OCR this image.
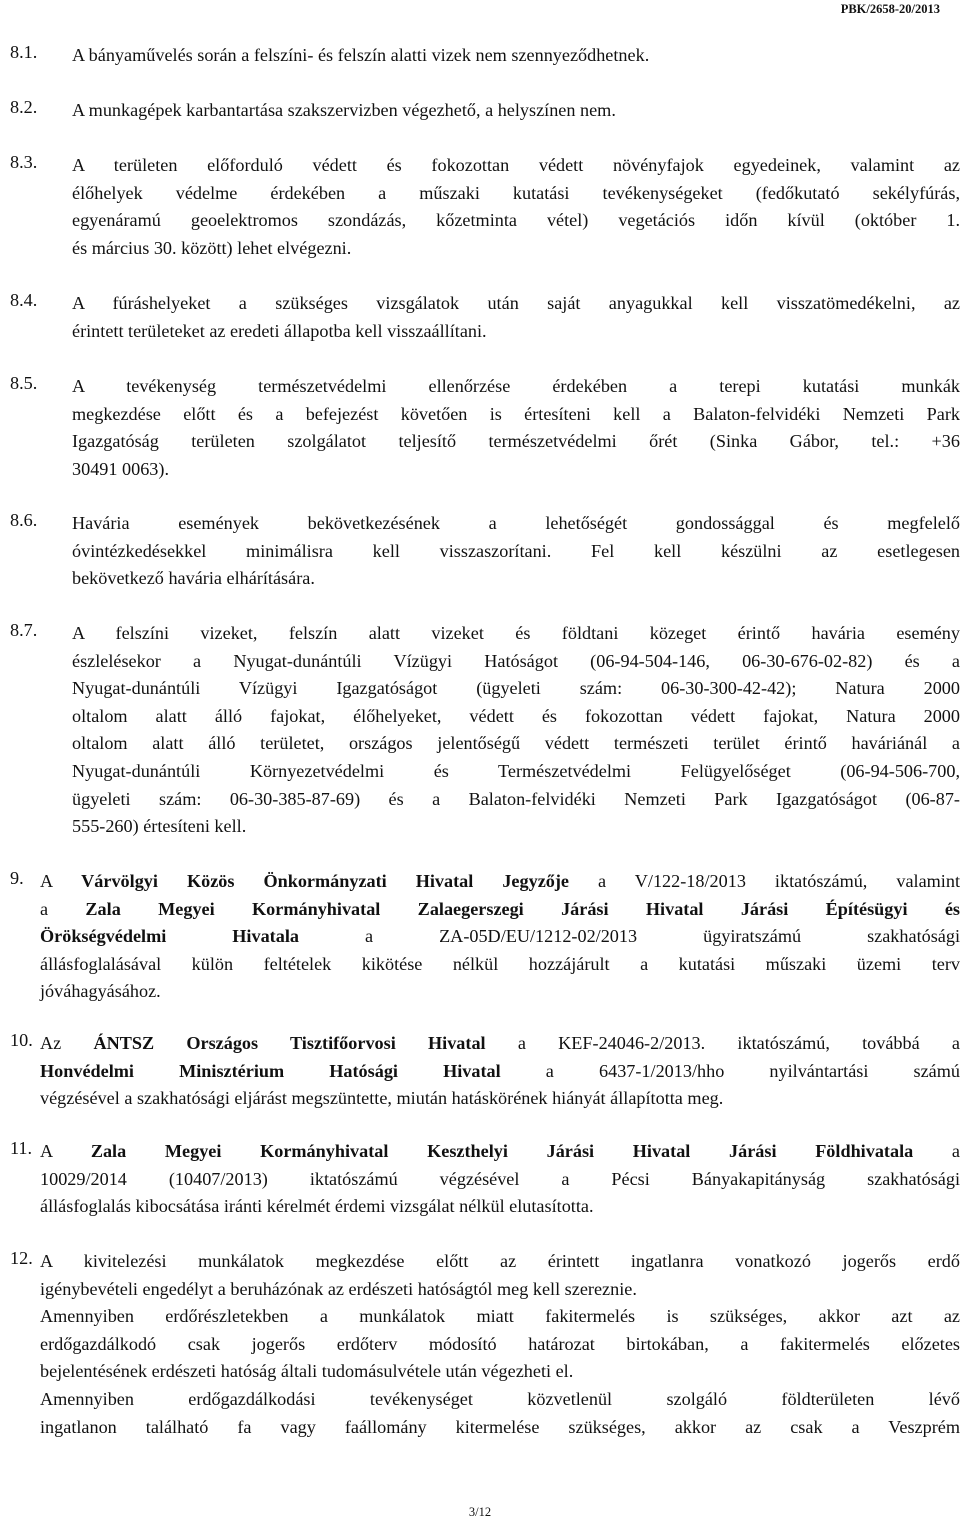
PBK/2658-20/2013
8.1. A bányaművelés során a felszíni- és felszín alatti vizek nem szennyeződhetnek.
8.2. A munkagépek karbantartása szakszervizben végezhető, a helyszínen nem.
8.3. A területen előforduló védett és fokozottan védett növényfajok egyedeinek, valamint az
élőhelyek védelme érdekében a műszaki kutatási tevékenységeket (fedőkutató sekélyfúrás,
egyenáramú geoelektromos szondázás, kőzetminta vétel) vegetációs időn kívül (október 1.
és március 30. között) lehet elvégezni.
8.4. A fúráshelyeket a szükséges vizsgálatok után saját anyagukkal kell visszatömedékelni, az
érintett területeket az eredeti állapotba kell visszaállítani.
8.5. A tevékenység természetvédelmi ellenőrzése érdekében a terepi kutatási munkák
megkezdése előtt és a befejezést követően is értesíteni kell a Balaton-felvidéki Nemzeti Park
Igazgatóság területen szolgálatot teljesítő természetvédelmi őrét (Sinka Gábor, tel.: +36
30491 0063).
8.6. Havária események bekövetkezésének a lehetőségét gondossággal és megfelelő
óvintézkedésekkel minimálisra kell visszaszorítani. Fel kell készülni az esetlegesen
bekövetkező havária elhárítására.
8.7. A felszíni vizeket, felszín alatt vizeket és földtani közeget érintő havária esemény
észlelésekor a Nyugat-dunántúli Vízügyi Hatóságot (06-94-504-146, 06-30-676-02-82) és a
Nyugat-dunántúli Vízügyi Igazgatóságot (ügyeleti szám: 06-30-300-42-42); Natura 2000
oltalom alatt álló fajokat, élőhelyeket, védett és fokozottan védett fajokat, Natura 2000
oltalom alatt álló területet, országos jelentőségű védett természeti terület érintő haváriánál a
Nyugat-dunántúli Környezetvédelmi és Természetvédelmi Felügyelőséget (06-94-506-700,
ügyeleti szám: 06-30-385-87-69) és a Balaton-felvidéki Nemzeti Park Igazgatóságot (06-87-
555-260) értesíteni kell.
9. A Várvölgyi Közös Önkormányzati Hivatal Jegyzője a V/122-18/2013 iktatószámú, valamint
a Zala Megyei Kormányhivatal Zalaegerszegi Járási Hivatal Járási Építésügyi és
Örökségvédelmi Hivatala a ZA-05D/EU/1212-02/2013 ügyiratszámú szakhatósági
állásfoglalásával külön feltételek kikötése nélkül hozzájárult a kutatási műszaki üzemi terv
jóváhagyásához.
10. Az ÁNTSZ Országos Tisztifőorvosi Hivatal a KEF-24046-2/2013. iktatószámú, továbbá a
Honvédelmi Minisztérium Hatósági Hivatal a 6437-1/2013/hho nyilvántartási számú
végzésével a szakhatósági eljárást megszüntette, miután hatáskörének hiányát állapította meg.
11. A Zala Megyei Kormányhivatal Keszthelyi Járási Hivatal Járási Földhivatala a
10029/2014 (10407/2013) iktatószámú végzésével a Pécsi Bányakapitányság szakhatósági
állásfoglalás kibocsátása iránti kérelmét érdemi vizsgálat nélkül elutasította.
12. A kivitelezési munkálatok megkezdése előtt az érintett ingatlanra vonatkozó jogerős erdő
igénybevételi engedélyt a beruházónak az erdészeti hatóságtól meg kell szereznie.
Amennyiben erdőrészletekben a munkálatok miatt fakitermelés is szükséges, akkor azt az
erdőgazdálkodó csak jogerős erdőterv módosító határozat birtokában, a fakitermelés előzetes
bejelentésének erdészeti hatóság általi tudomásulvétele után végezheti el.
Amennyiben erdőgazdálkodási tevékenységet közvetlenül szolgáló földterületen lévő
ingatlanon található fa vagy faállomány kitermelése szükséges, akkor az csak a Veszprém
3/12
